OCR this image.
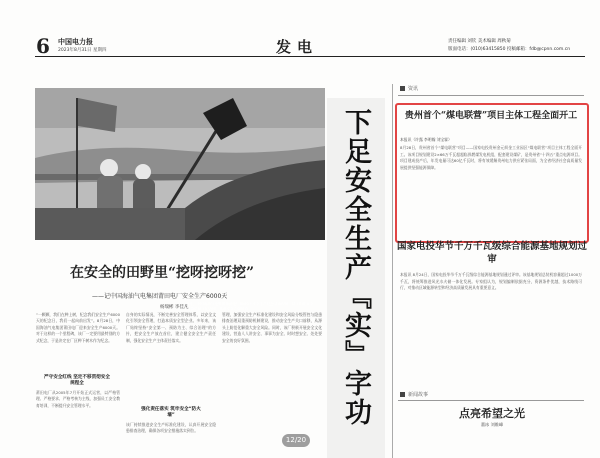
6 中国电力报
2023年8月31日 星期四	发电	责任编辑 刘钦 美术编辑 周秋菊
版面电话：(010)63415850 投稿邮箱：fdb@cpnn.com.cn
8月，中国海油气电集团莆田电厂6000天安全生产纪念活动现场。员工们在安全宣誓后种下纪念树，寓意安全之树常青。
在安全的田野里“挖呀挖呀挖”
——记中国海油气电集团莆田电厂安全生产6000天
杨瑞彬 李佳凡
“一颗颗，我们在种上树，纪念我们安全生产6000天的纪念日，我们一起向前出发”。8月28日，中国海油气电集团莆田电厂迎来安全生产6000天。对于这样的一个里程碑，该厂一定要用最特别的方式纪念，于是决定在厂区种下树木作为纪念。
严守安全红线 坚定不移贯彻安全规程全
莆田电厂从2005年7月开始正式运营，以严格管理、严格要求、严格考核为主线，加强员工安全教育培训，不断提升安全管理水平。
自身的实际情况，不断完善安全管理体系，以安全文化引领安全管理，打造本质安全型企业。多年来，该厂始终坚持“安全第一、预防为主、综合治理”的方针，把安全生产放在首位，建立健全安全生产责任制，强化安全生产主体责任落实。
强化责任落实 筑牢安全“防火墙”
该厂持续推进安全生产标准化建设，认真开展安全隐患排查治理，确保各项安全措施落实到位。
管理，加强安全生产标准化建设和安全风险分级管控与隐患排查治理双重预防机制建设，推动安全生产关口前移，从源头上防范化解重大安全风险。同时，该厂积极开展安全文化建设，营造人人讲安全、事事为安全、时时想安全、处处要安全的良好氛围。	下足安全生产『实』字功
12/20
资讯
贵州首个“煤电联营”项目主体工程全面开工
本报讯（许露 李明翰 刘宝霖）
8月28日，贵州省首个“煤电联营”项目——国家电投贵州金元织金工业园区“煤电联营”项目主体工程全面开工。该项目规划建设2×66万千瓦超超临界燃煤发电机组，配套建设煤矿，是贵州省“十四五”重点电源项目。项目建成投产后，年发电量可达60亿千瓦时，将有效缓解贵州电力供应紧张局面，为全省经济社会高质量发展提供坚强能源保障。
国家电投华节千万千瓦级综合能源基地规划过审
本报讯 8月24日，国家电投华节千万千瓦级综合能源基地规划通过评审。该基地规划总装机容量超过1000万千瓦，将统筹推进风光水火储一体化发展。专家组认为，规划编制依据充分，资源条件优越，技术路线可行，对推动区域能源转型和经济高质量发展具有重要意义。
新闻故事
点亮希望之光
董冰 刘维峰
